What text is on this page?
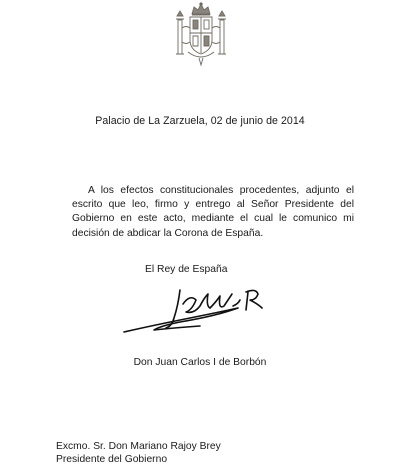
Palacio de La Zarzuela, 02 de junio de 2014
A los efectos constitucionales procedentes, adjunto el escrito que leo, firmo y entrego al Señor Presidente del Gobierno en este acto, mediante el cual le comunico mi decisión de abdicar la Corona de España.
El Rey de España
Don Juan Carlos I de Borbón
Excmo. Sr. Don Mariano Rajoy Brey
Presidente del Gobierno
